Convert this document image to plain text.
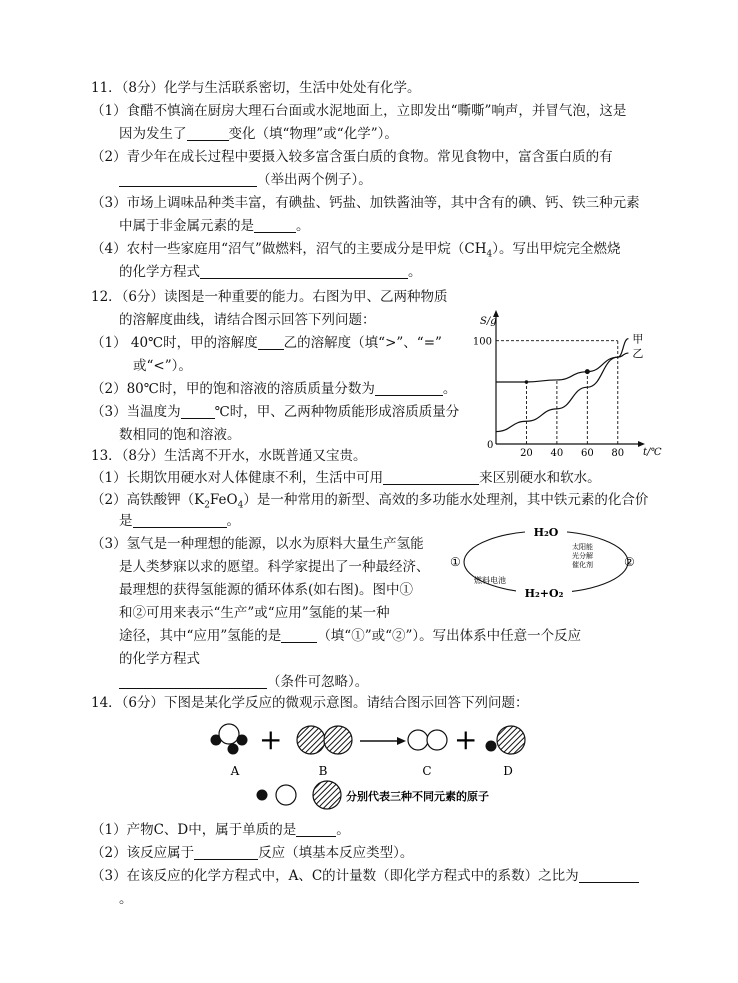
11．（8分）化学与生活联系密切，生活中处处有化学。
（1）食醋不慎滴在厨房大理石台面或水泥地面上，立即发出“嘶嘶”响声，并冒气泡，这是
因为发生了	变化（填“物理”或“化学”）。
（2）青少年在成长过程中要摄入较多富含蛋白质的食物。常见食物中，富含蛋白质的有
（举出两个例子）。
（3）市场上调味品种类丰富，有碘盐、钙盐、加铁酱油等，其中含有的碘、钙、铁三种元素
中属于非金属元素的是	。
（4）农村一些家庭用“沼气”做燃料，沼气的主要成分是甲烷$(CH_4)$。写出甲烷完全燃烧
的化学方程式	。
12．（6分）读图是一种重要的能力。右图为甲、乙两种物质
的溶解度曲线，请结合图示回答下列问题：
（1） 40℃时，甲的溶解度 乙的溶解度（填“>”、“=”
或“<”）。
（2）80℃时，甲的饱和溶液的溶质质量分数为	。
（3）当温度为	℃时，甲、乙两种物质能形成溶质质量分
数相同的饱和溶液。
S/g
t/℃
0
20 40 60 80
100	甲
乙
13．（8分）生活离不开水，水既普通又宝贵。
（1）长期饮用硬水对人体健康不利，生活中可用	来区别硬水和软水。
（2）高铁酸钾$(K_2FeO_4)$是一种常用的新型、高效的多功能水处理剂，其中铁元素的化合价
是	。
（3）氢气是一种理想的能源，以水为原料大量生产氢能
是人类梦寐以求的愿望。科学家提出了一种最经济、
最理想的获得氢能源的循环体系(如右图)。图中①
和②可用来表示“生产”或“应用”氢能的某一种
途径，其中“应用”氢能的是	（填“①”或“②”）。写出体系中任意一个反应
的化学方程式
（条件可忽略）。
H₂O
H₂+O₂
燃料电池
太阳能
光分解
催化剂
①	②
14．（6分）下图是某化学反应的微观示意图。请结合图示回答下列问题：
+	+
A	B	C	D
分别代表三种不同元素的原子
（1）产物C、D中，属于单质的是	。
（2）该反应属于	反应（填基本反应类型）。
（3）在该反应的化学方程式中，A、C的计量数（即化学方程式中的系数）之比为
。
